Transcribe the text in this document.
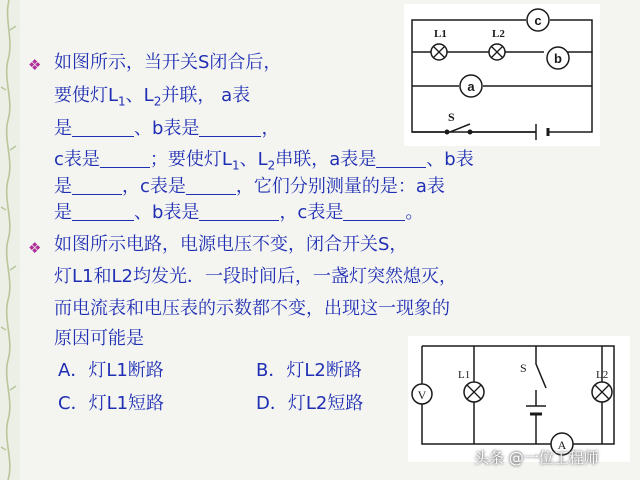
❖ 如图所示，当开关S闭合后，
要使灯$L_1$、$L_2$并联， a表
是	、b表是	，
c表是	；要使灯$L_1$、$L_2$串联，a表是	、b表
是	，c表是	，它们分别测量的是：a表
是	、b表是	，c表是	。
❖ 如图所示电路，电源电压不变，闭合开关S，
灯L1和L2均发光．一段时间后，一盏灯突然熄灭，
而电流表和电压表的示数都不变，出现这一现象的
原因可能是
A．灯L1断路	B．灯L2断路
C．灯L1短路	D．灯L2短路
L1	L2
S
c
b
a
V
A
L1	L2
S
头条 @一位工程师
